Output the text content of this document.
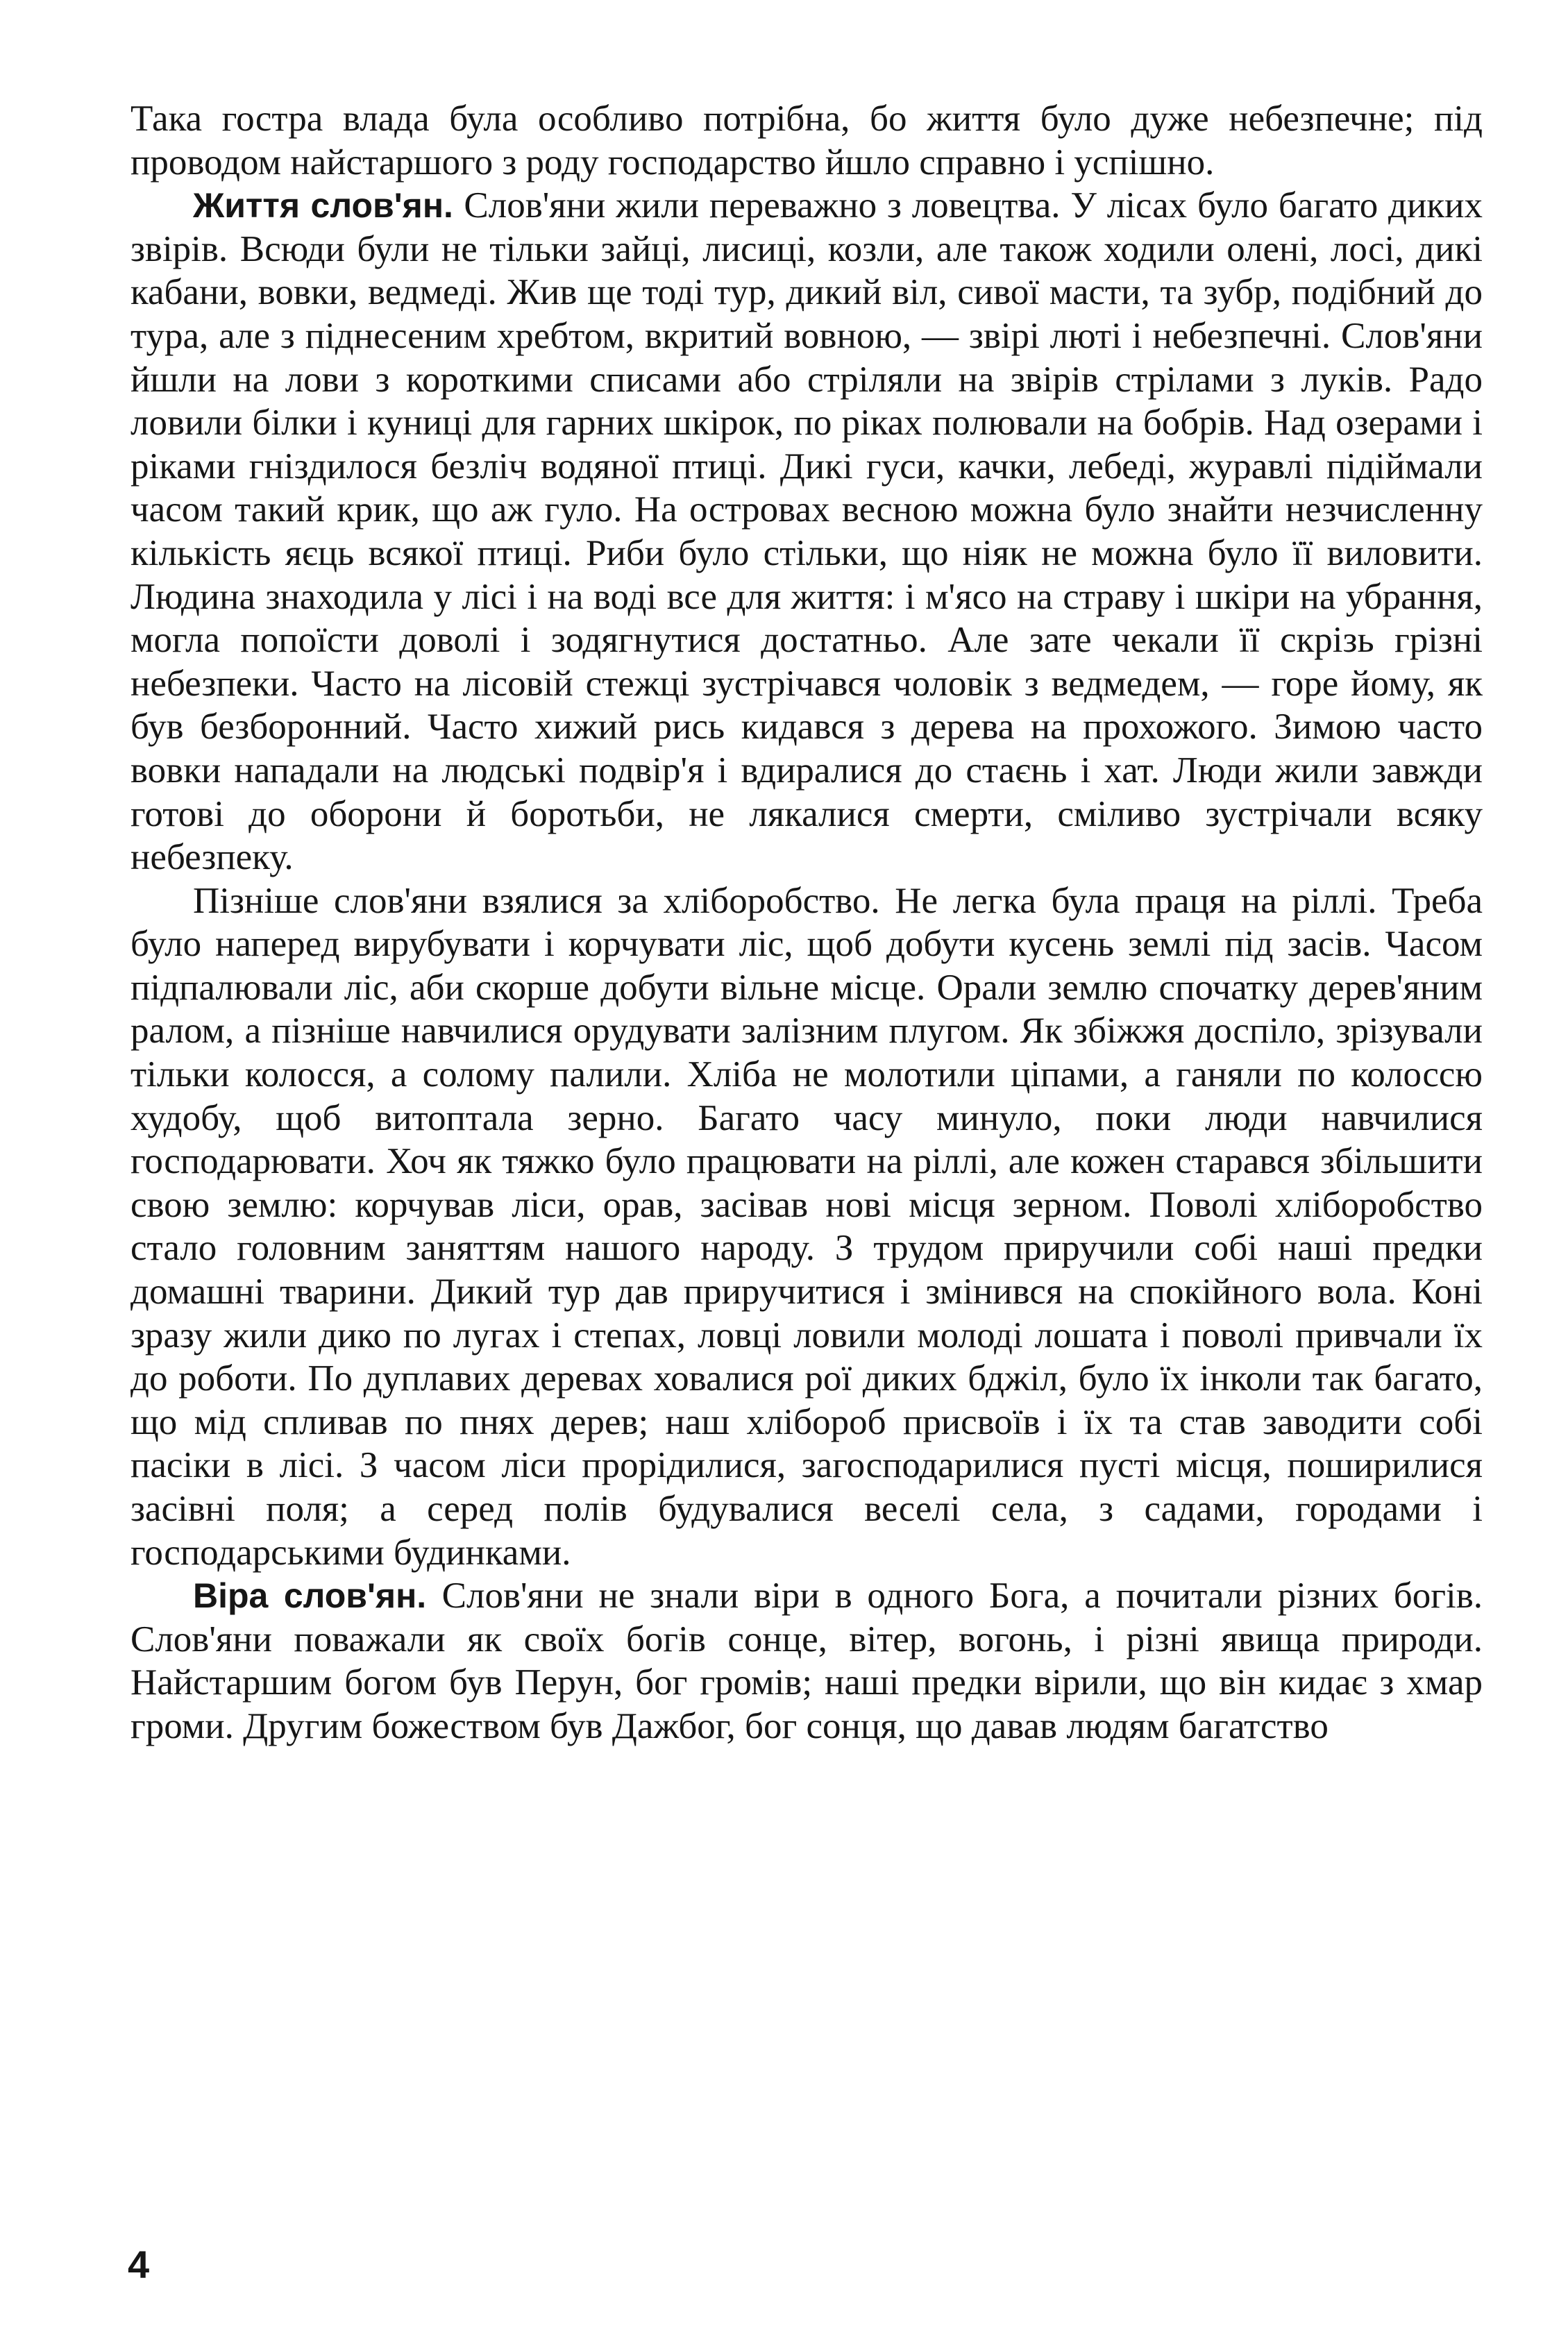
Така гостра влада була особливо потрібна, бо життя було дуже небезпечне; під проводом найстаршого з роду господарство йшло справно і успішно.

Життя слов'ян. Слов'яни жили переважно з ловецтва. У лісах було багато диких звірів. Всюди були не тільки зайці, лисиці, козли, але також ходили олені, лосі, дикі кабани, вовки, ведмеді. Жив ще тоді тур, дикий віл, сивої масти, та зубр, подібний до тура, але з піднесеним хребтом, вкритий вовною, — звірі люті і небезпечні. Слов'яни йшли на лови з короткими списами або стріляли на звірів стрілами з луків. Радо ловили білки і куниці для гарних шкірок, по ріках полювали на бобрів. Над озерами і ріками гніздилося безліч водяної птиці. Дикі гуси, качки, лебеді, журавлі підіймали часом такий крик, що аж гуло. На островах весною можна було знайти незчисленну кількість яєць всякої птиці. Риби було стільки, що ніяк не можна було її виловити. Людина знаходила у лісі і на воді все для життя: і м'ясо на страву і шкіри на убрання, могла попоїсти доволі і зодягнутися достатньо. Але зате чекали її скрізь грізні небезпеки. Часто на лісовій стежці зустрічався чоловік з ведмедем, — горе йому, як був безборонний. Часто хижий рись кидався з дерева на прохожого. Зимою часто вовки нападали на людські подвір'я і вдиралися до стаєнь і хат. Люди жили завжди готові до оборони й боротьби, не лякалися смерти, сміливо зустрічали всяку небезпеку.

Пізніше слов'яни взялися за хліборобство. Не легка була праця на ріллі. Треба було наперед вирубувати і корчувати ліс, щоб добути кусень землі під засів. Часом підпалювали ліс, аби скорше добути вільне місце. Орали землю спочатку дерев'яним ралом, а пізніше навчилися орудувати залізним плугом. Як збіжжя доспіло, зрізували тільки колосся, а солому палили. Хліба не молотили ціпами, а ганяли по колоссю худобу, щоб витоптала зерно. Багато часу минуло, поки люди навчилися господарювати. Хоч як тяжко було працювати на ріллі, але кожен старався збільшити свою землю: корчував ліси, орав, засівав нові місця зерном. Поволі хліборобство стало головним заняттям нашого народу. З трудом приручили собі наші предки домашні тварини. Дикий тур дав приручитися і змінився на спокійного вола. Коні зразу жили дико по лугах і степах, ловці ловили молоді лошата і поволі привчали їх до роботи. По дуплавих деревах ховалися рої диких бджіл, було їх інколи так багато, що мід спливав по пнях дерев; наш хлібороб присвоїв і їх та став заводити собі пасіки в лісі. З часом ліси прорідилися, загосподарилися пусті місця, поширилися засівні поля; а серед полів будувалися веселі села, з садами, городами і господарськими будинками.

Віра слов'ян. Слов'яни не знали віри в одного Бога, а почитали різних богів. Слов'яни поважали як своїх богів сонце, вітер, вогонь, і різні явища природи. Найстаршим богом був Перун, бог громів; наші предки вірили, що він кидає з хмар громи. Другим божеством був Дажбог, бог сонця, що давав людям багатство

4
